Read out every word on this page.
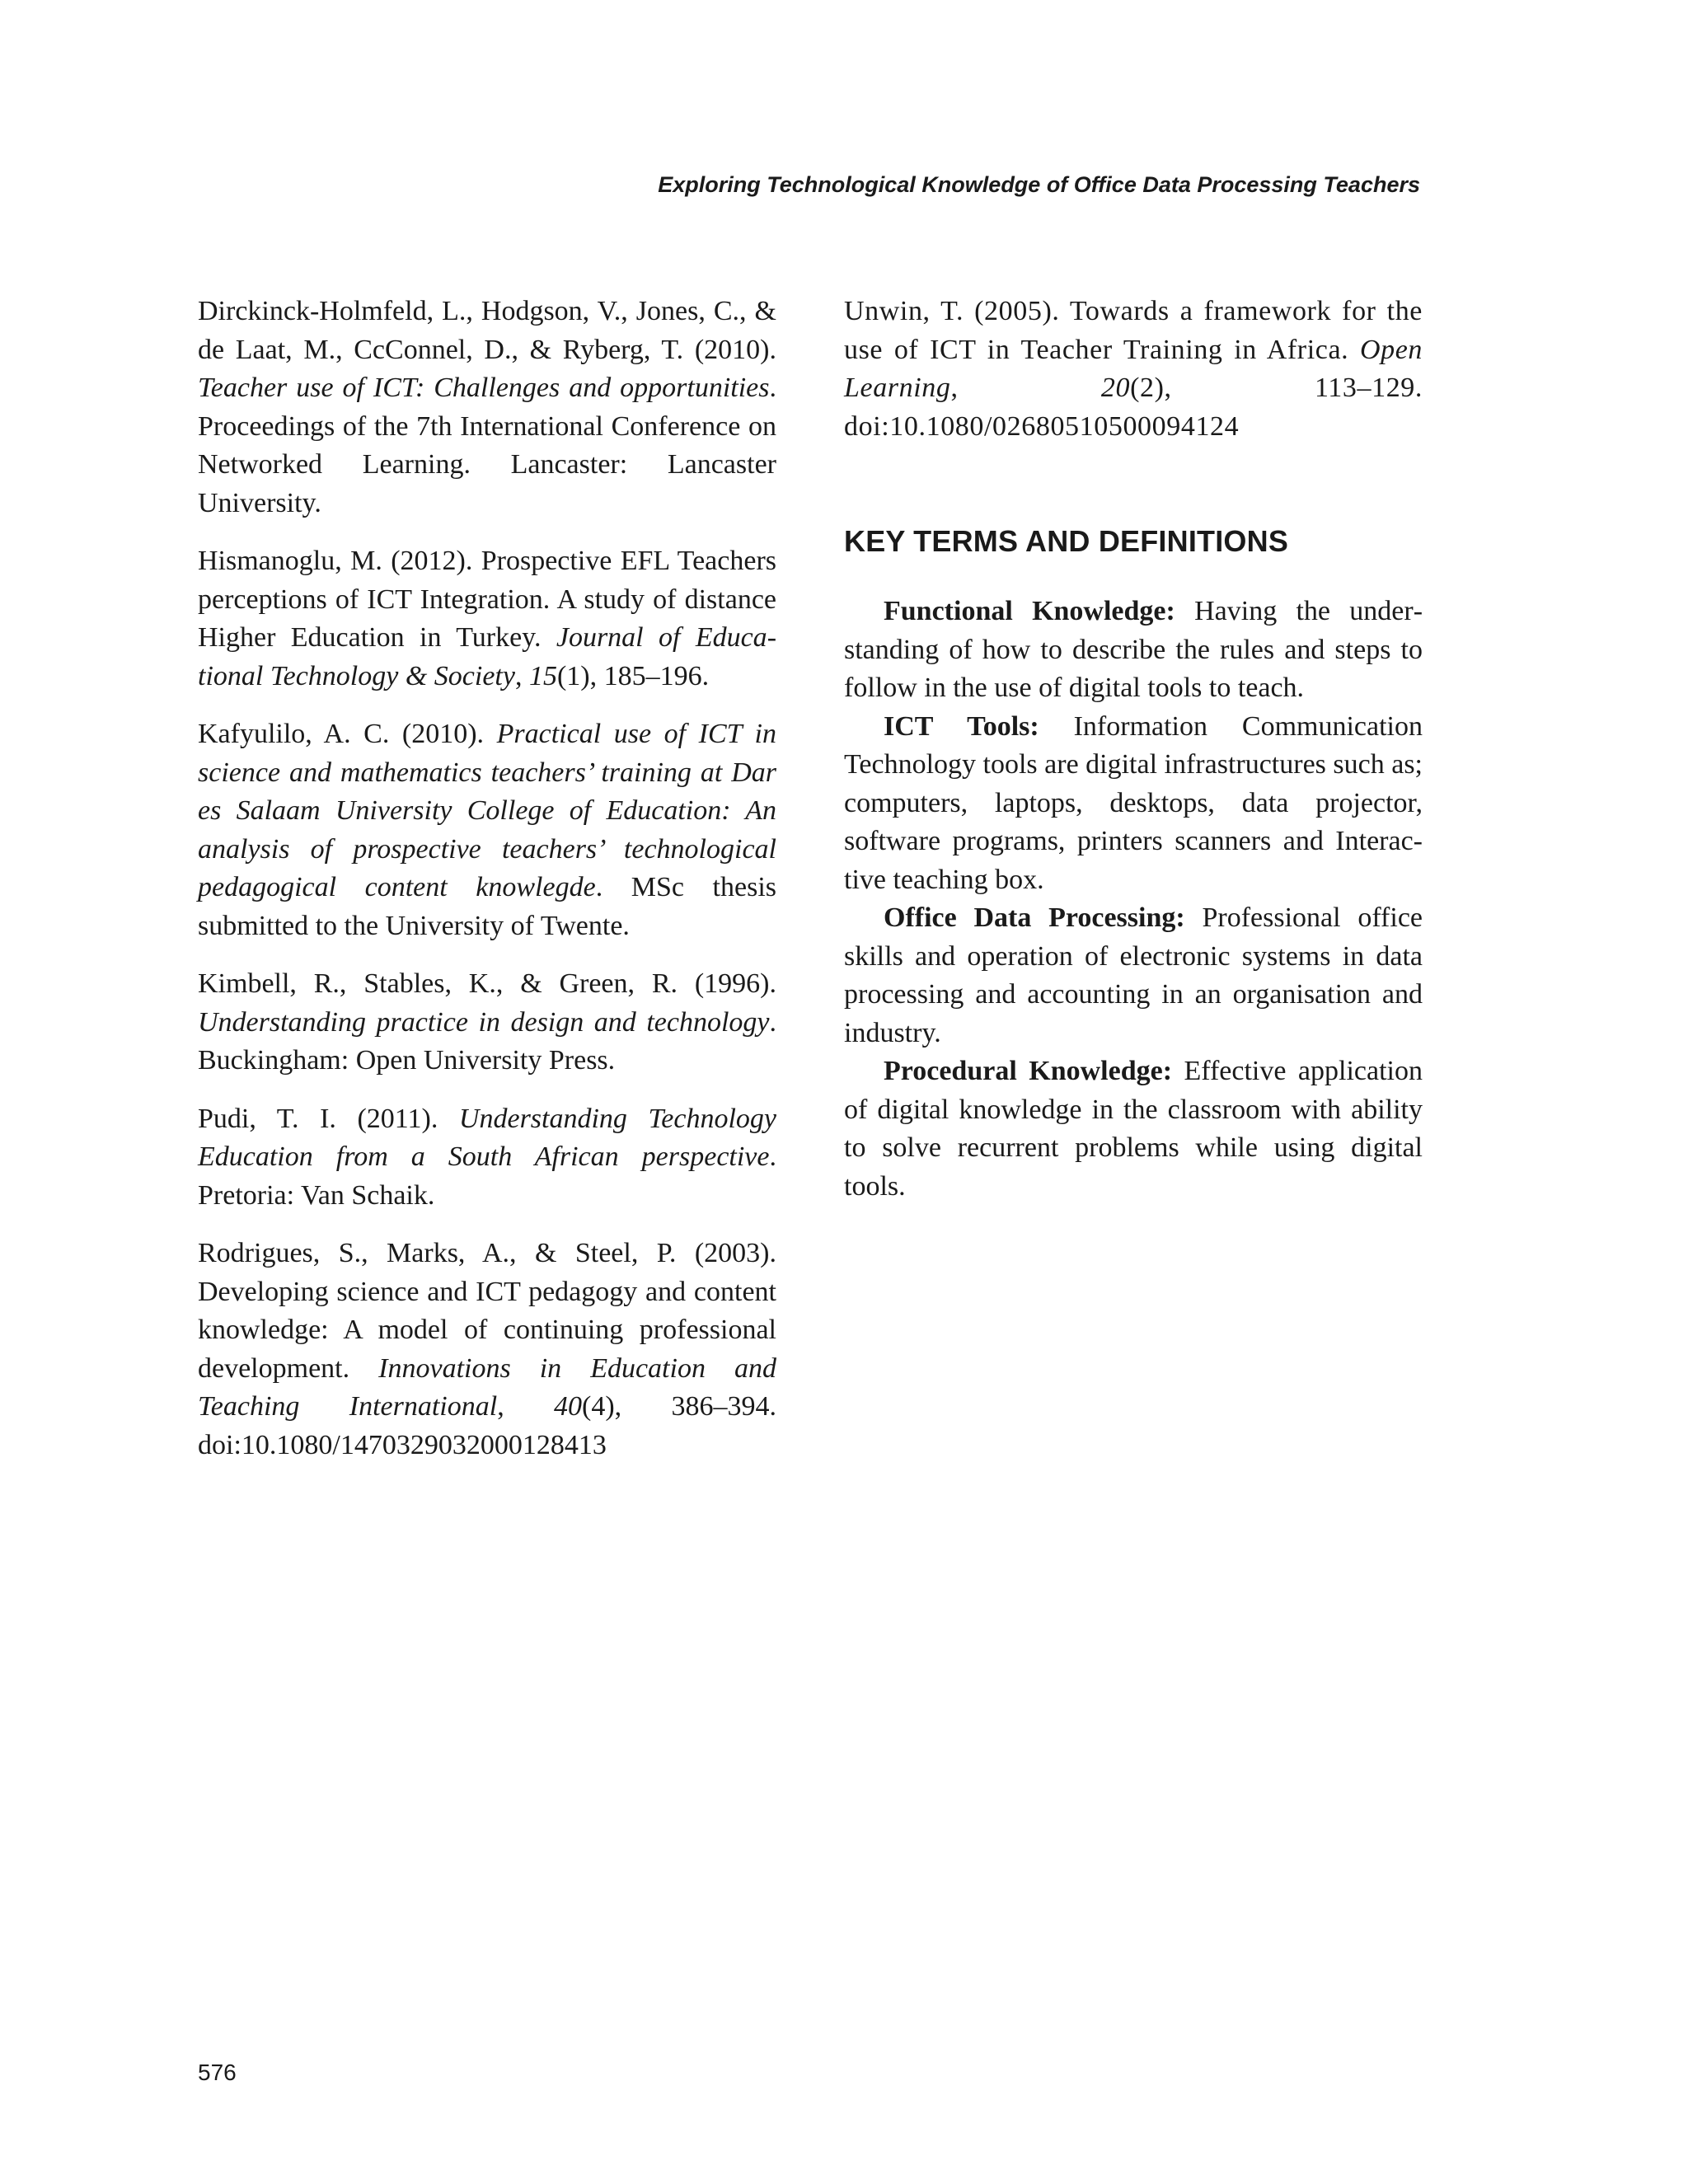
Exploring Technological Knowledge of Office Data Processing Teachers

Dirckinck-Holmfeld, L., Hodgson, V., Jones, C., & de Laat, M., CcConnel, D., & Ryberg, T. (2010). Teacher use of ICT: Challenges and opportunities. Proceedings of the 7th International Conference on Networked Learning. Lancaster: Lancaster University.

Hismanoglu, M. (2012). Prospective EFL Teachers perceptions of ICT Integration. A study of distance Higher Education in Turkey. Journal of Educational Technology & Society, 15(1), 185–196.

Kafyulilo, A. C. (2010). Practical use of ICT in science and mathematics teachers’ training at Dar es Salaam University College of Education: An analysis of prospective teachers’ technological pedagogical content knowlegde. MSc thesis submitted to the University of Twente.

Kimbell, R., Stables, K., & Green, R. (1996). Understanding practice in design and technology. Buckingham: Open University Press.

Pudi, T. I. (2011). Understanding Technology Education from a South African perspective. Pretoria: Van Schaik.

Rodrigues, S., Marks, A., & Steel, P. (2003). Developing science and ICT pedagogy and content knowledge: A model of continuing professional development. Innovations in Education and Teaching International, 40(4), 386–394. doi:10.1080/1470329032000128413

Unwin, T. (2005). Towards a framework for the use of ICT in Teacher Training in Africa. Open Learning, 20(2), 113–129. doi:10.1080/02680510500094124

KEY TERMS AND DEFINITIONS

Functional Knowledge: Having the understanding of how to describe the rules and steps to follow in the use of digital tools to teach.

ICT Tools: Information Communication Technology tools are digital infrastructures such as; computers, laptops, desktops, data projector, software programs, printers scanners and Interactive teaching box.

Office Data Processing: Professional office skills and operation of electronic systems in data processing and accounting in an organisation and industry.

Procedural Knowledge: Effective application of digital knowledge in the classroom with ability to solve recurrent problems while using digital tools.

576
